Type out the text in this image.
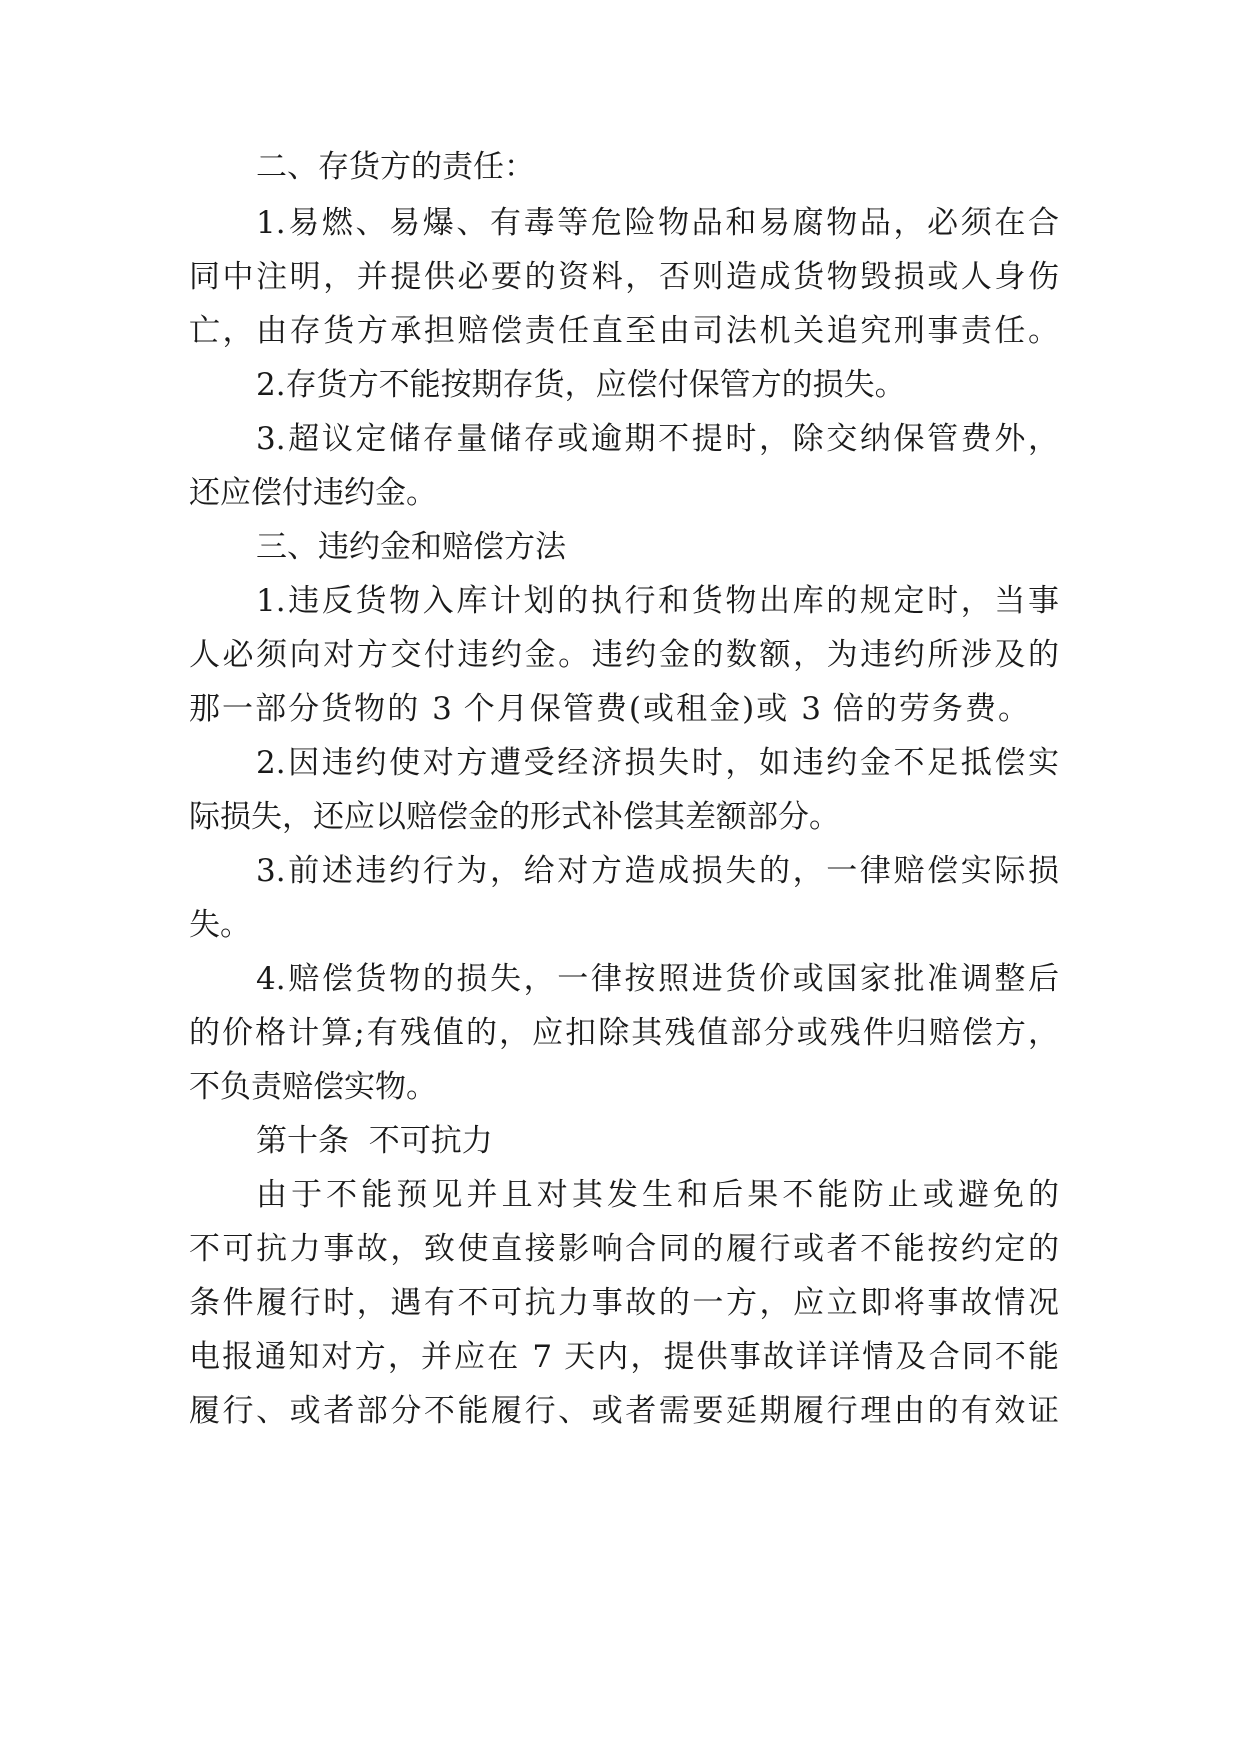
二、存货方的责任：
1.易燃、易爆、有毒等危险物品和易腐物品，必须在合
同中注明，并提供必要的资料，否则造成货物毁损或人身伤
亡，由存货方承担赔偿责任直至由司法机关追究刑事责任。
2.存货方不能按期存货，应偿付保管方的损失。
3.超议定储存量储存或逾期不提时，除交纳保管费外，
还应偿付违约金。
三、违约金和赔偿方法
1.违反货物入库计划的执行和货物出库的规定时，当事
人必须向对方交付违约金。违约金的数额，为违约所涉及的
那一部分货物的 3 个月保管费(或租金)或 3 倍的劳务费。
2.因违约使对方遭受经济损失时，如违约金不足抵偿实
际损失，还应以赔偿金的形式补偿其差额部分。
3.前述违约行为，给对方造成损失的，一律赔偿实际损
失。
4.赔偿货物的损失，一律按照进货价或国家批准调整后
的价格计算;有残值的，应扣除其残值部分或残件归赔偿方，
不负责赔偿实物。
第十条  不可抗力
由于不能预见并且对其发生和后果不能防止或避免的
不可抗力事故，致使直接影响合同的履行或者不能按约定的
条件履行时，遇有不可抗力事故的一方，应立即将事故情况
电报通知对方，并应在 7 天内，提供事故详详情及合同不能
履行、或者部分不能履行、或者需要延期履行理由的有效证
